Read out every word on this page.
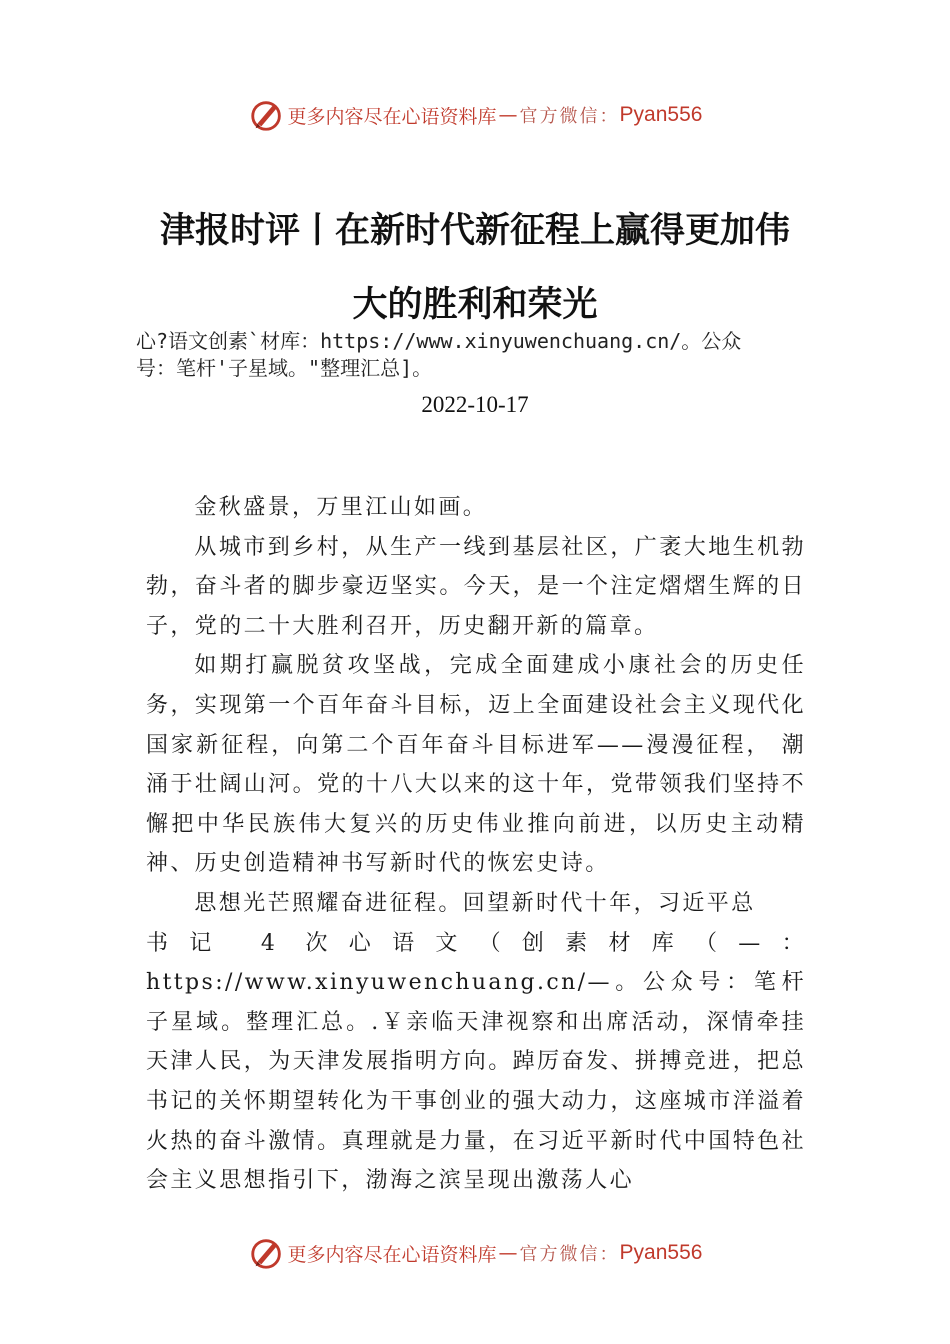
更多内容尽在心语资料库 — 官方微信： Pyan556
津报时评丨在新时代新征程上赢得更加伟
大的胜利和荣光
心?语文创素`材库：https://www.xinyuwenchuang.cn/。公众
号：笔杆'子星域。"整理汇总]。
2022-10-17

金秋盛景，万里江山如画。

从城市到乡村，从生产一线到基层社区，广袤大地生机勃勃，奋斗者的脚步豪迈坚实。今天，是一个注定熠熠生辉的日子，党的二十大胜利召开，历史翻开新的篇章。

如期打赢脱贫攻坚战，完成全面建成小康社会的历史任务，实现第一个百年奋斗目标，迈上全面建设社会主义现代化国家新征程，向第二个百年奋斗目标进军——漫漫征程， 潮涌于壮阔山河。党的十八大以来的这十年，党带领我们坚持不懈把中华民族伟大复兴的历史伟业推向前进，以历史主动精神、历史创造精神书写新时代的恢宏史诗。

思想光芒照耀奋进征程。回望新时代十年，习近平总

书记 4 次心语文（创素材库（—：

https://www.xinyuwenchuang.cn/—。公众号：笔杆子星域。整理汇总。.￥亲临天津视察和出席活动，深情牵挂天津人民，为天津发展指明方向。踔厉奋发、拼搏竞进，把总书记的关怀期望转化为干事创业的强大动力，这座城市洋溢着火热的奋斗激情。真理就是力量，在习近平新时代中国特色社会主义思想指引下，渤海之滨呈现出激荡人心

更多内容尽在心语资料库 — 官方微信： Pyan556
